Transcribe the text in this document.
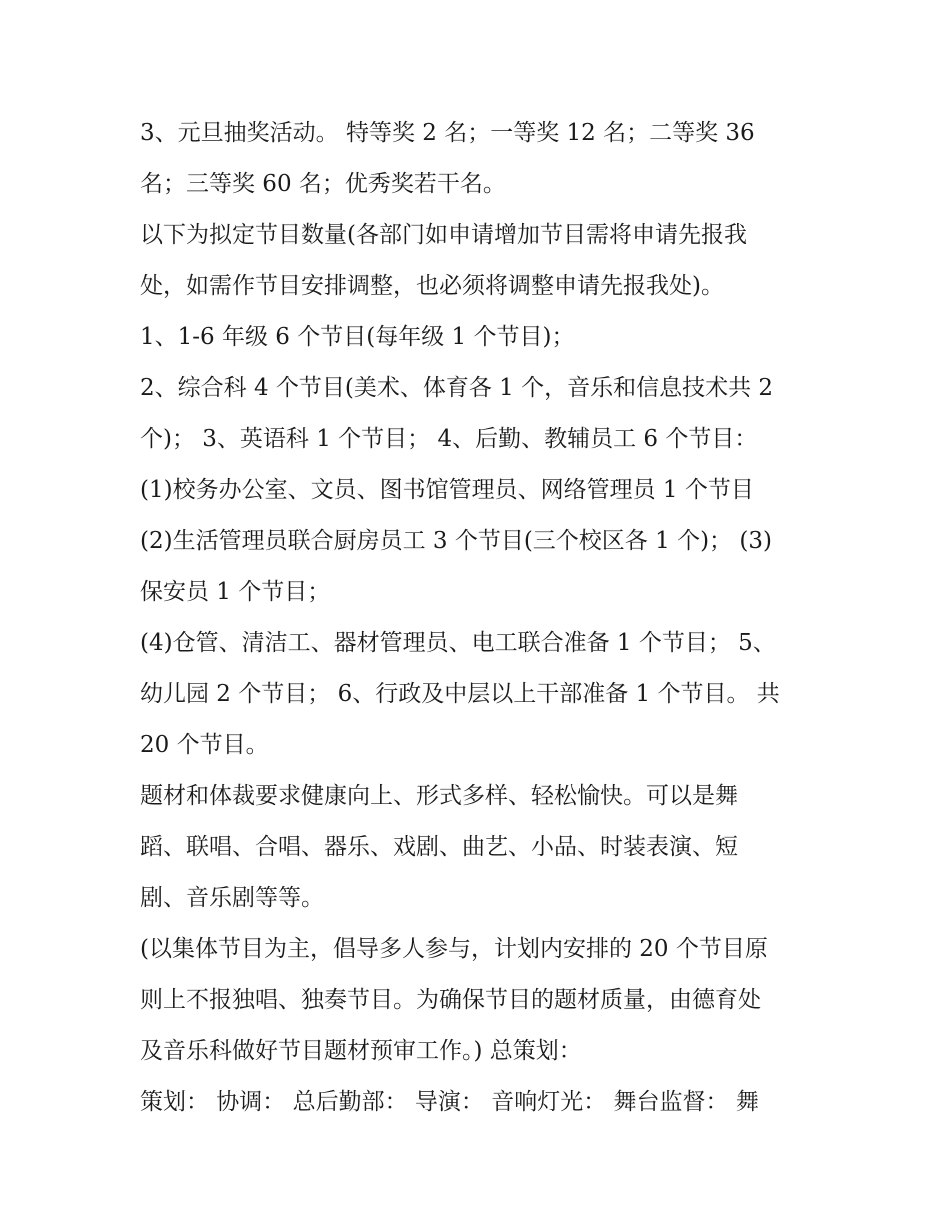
3、元旦抽奖活动。 特等奖 2 名；一等奖 12 名；二等奖 36
名；三等奖 60 名；优秀奖若干名。
以下为拟定节目数量(各部门如申请增加节目需将申请先报我
处，如需作节目安排调整，也必须将调整申请先报我处)。
1、1-6 年级 6 个节目(每年级 1 个节目)；
2、综合科 4 个节目(美术、体育各 1 个，音乐和信息技术共 2
个)； 3、英语科 1 个节目； 4、后勤、教辅员工 6 个节目：
(1)校务办公室、文员、图书馆管理员、网络管理员 1 个节目
(2)生活管理员联合厨房员工 3 个节目(三个校区各 1 个)； (3)
保安员 1 个节目；
(4)仓管、清洁工、器材管理员、电工联合准备 1 个节目； 5、
幼儿园 2 个节目； 6、行政及中层以上干部准备 1 个节目。 共
20 个节目。
题材和体裁要求健康向上、形式多样、轻松愉快。可以是舞
蹈、联唱、合唱、器乐、戏剧、曲艺、小品、时装表演、短
剧、音乐剧等等。
(以集体节目为主，倡导多人参与，计划内安排的 20 个节目原
则上不报独唱、独奏节目。为确保节目的题材质量，由德育处
及音乐科做好节目题材预审工作。) 总策划：
策划： 协调： 总后勤部： 导演： 音响灯光： 舞台监督： 舞
